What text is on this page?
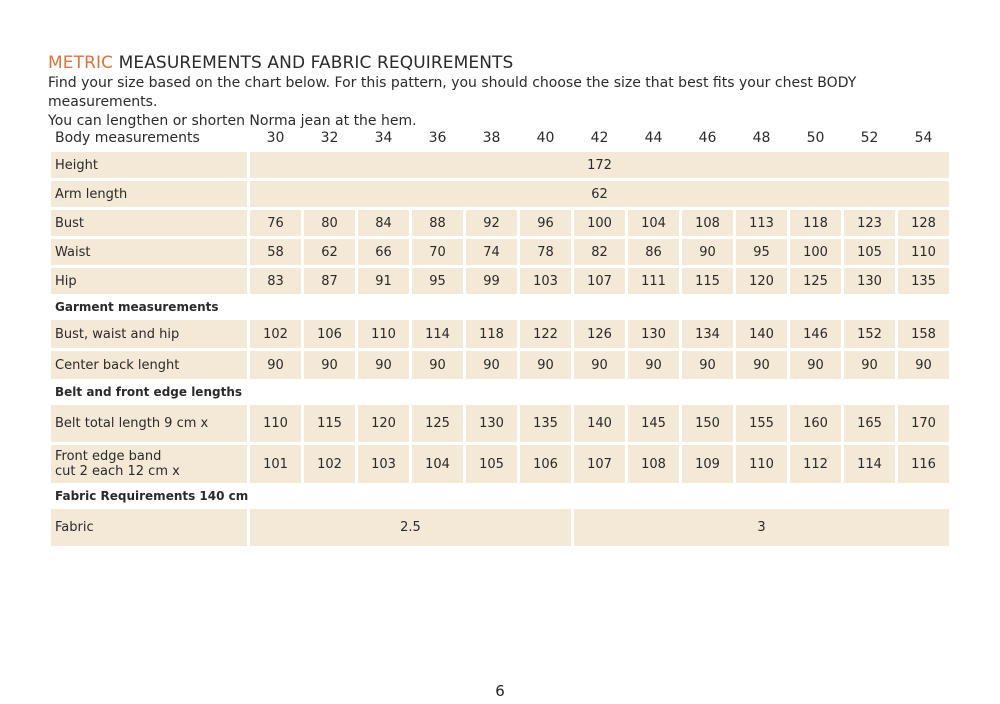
METRIC MEASUREMENTS AND FABRIC REQUIREMENTS

Find your size based on the chart below. For this pattern, you should choose the size that best fits your chest BODY measurements.
You can lengthen or shorten Norma jean at the hem.

Body measurements	30	32	34	36	38	40	42	44	46	48	50	52	54
Height	172												
Arm length	62												
Bust	76	80	84	88	92	96	100	104	108	113	118	123	128
Waist	58	62	66	70	74	78	82	86	90	95	100	105	110
Hip	83	87	91	95	99	103	107	111	115	120	125	130	135
Garment measurements													
Bust, waist and hip	102	106	110	114	118	122	126	130	134	140	146	152	158
Center back lenght	90	90	90	90	90	90	90	90	90	90	90	90	90
Belt and front edge lengths													
Belt total length 9 cm x	110	115	120	125	130	135	140	145	150	155	160	165	170
Front edge band
cut 2 each 12 cm x	101	102	103	104	105	106	107	108	109	110	112	114	116
Fabric Requirements 140 cm													
Fabric	2.5						3						
6
